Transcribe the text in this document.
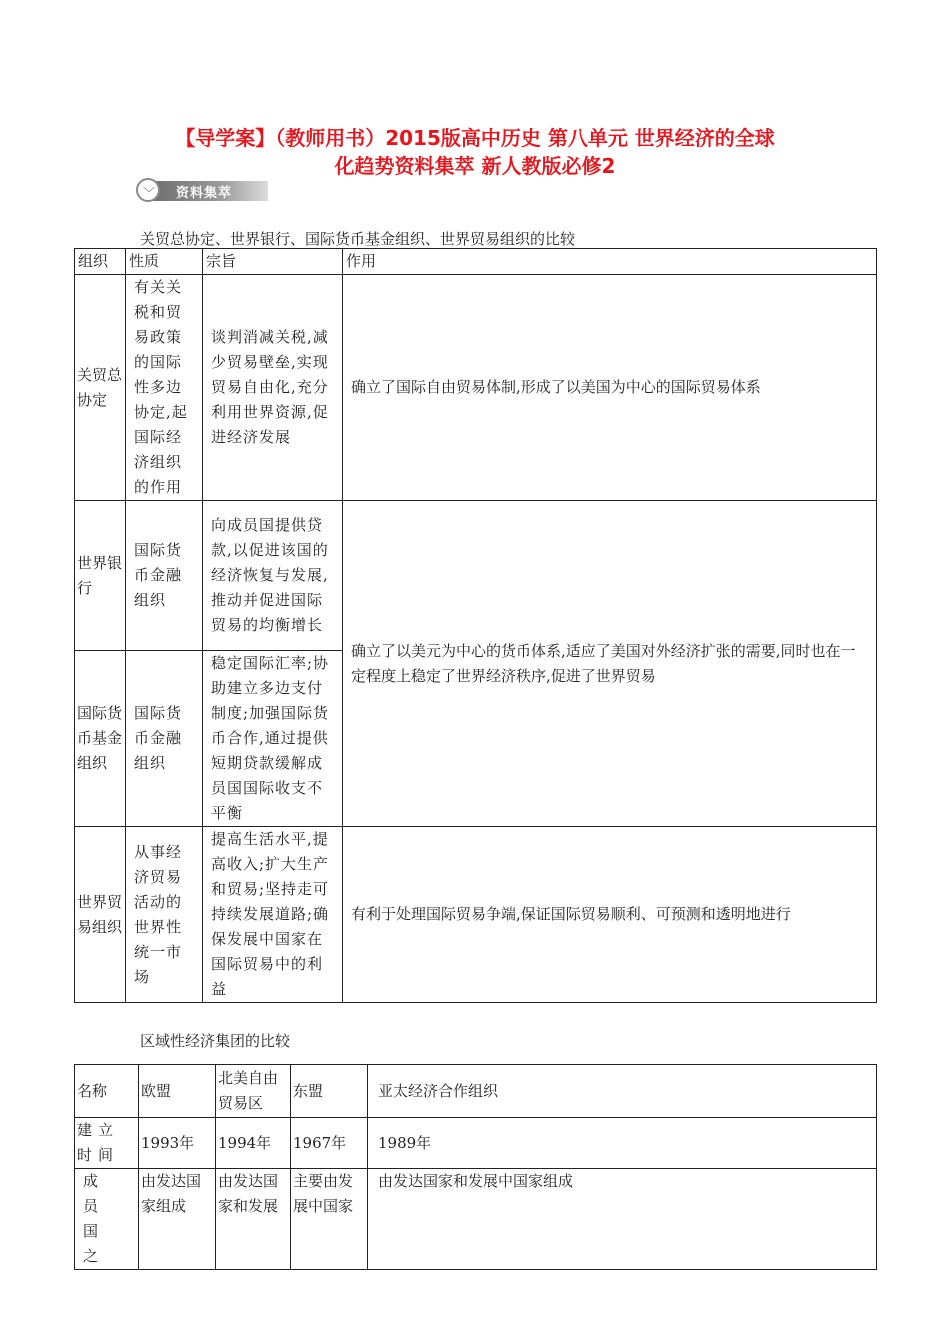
【导学案】（教师用书）2015版高中历史 第八单元 世界经济的全球
化趋势资料集萃 新人教版必修2
﹀ 资料集萃
关贸总协定、世界银行、国际货币基金组织、世界贸易组织的比较
组织	性质	宗旨	作用
关贸总协定	有关关税和贸易政策的国际性多边协定,起国际经济组织的作用	谈判消减关税,减少贸易壁垒,实现贸易自由化,充分利用世界资源,促进经济发展	确立了国际自由贸易体制,形成了以美国为中心的国际贸易体系
世界银行	国际货币金融组织	向成员国提供贷款,以促进该国的经济恢复与发展,推动并促进国际贸易的均衡增长	确立了以美元为中心的货币体系,适应了美国对外经济扩张的需要,同时也在一定程度上稳定了世界经济秩序,促进了世界贸易
国际货币基金组织	国际货币金融组织	稳定国际汇率;协助建立多边支付制度;加强国际货币合作,通过提供短期贷款缓解成员国国际收支不平衡	
世界贸易组织	从事经济贸易活动的世界性统一市场	提高生活水平,提高收入;扩大生产和贸易;坚持走可持续发展道路;确保发展中国家在国际贸易中的利益	有利于处理国际贸易争端,保证国际贸易顺利、可预测和透明地进行
区域性经济集团的比较
名称	欧盟	北美自由贸易区	东盟	亚太经济合作组织
建立时间	1993年	1994年	1967年	1989年
成员国之	由发达国家组成	由发达国家和发展	主要由发展中国家	由发达国家和发展中国家组成
